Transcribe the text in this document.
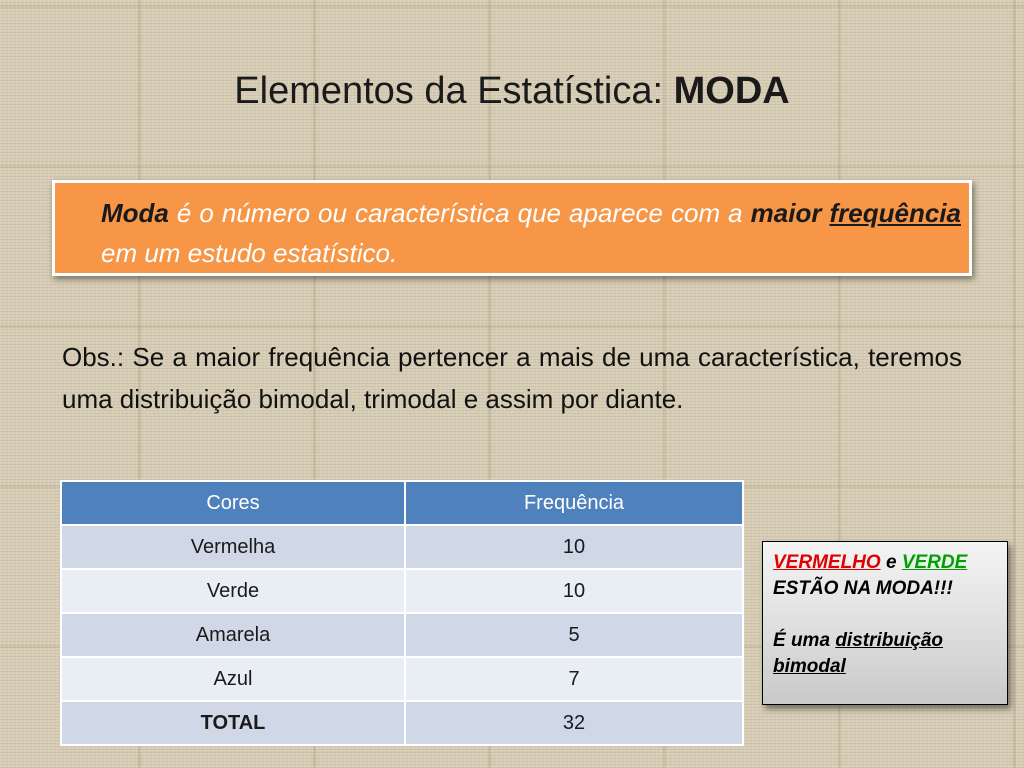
Elementos da Estatística: MODA
Moda é o número ou característica que aparece com a maior frequência em um estudo estatístico.
Obs.: Se a maior frequência pertencer a mais de uma característica, teremos uma distribuição bimodal, trimodal e assim por diante.
Cores	Frequência
Vermelha	10
Verde	10
Amarela	5
Azul	7
TOTAL	32
VERMELHO e VERDE
ESTÃO NA MODA!!!
É uma distribuição
bimodal
